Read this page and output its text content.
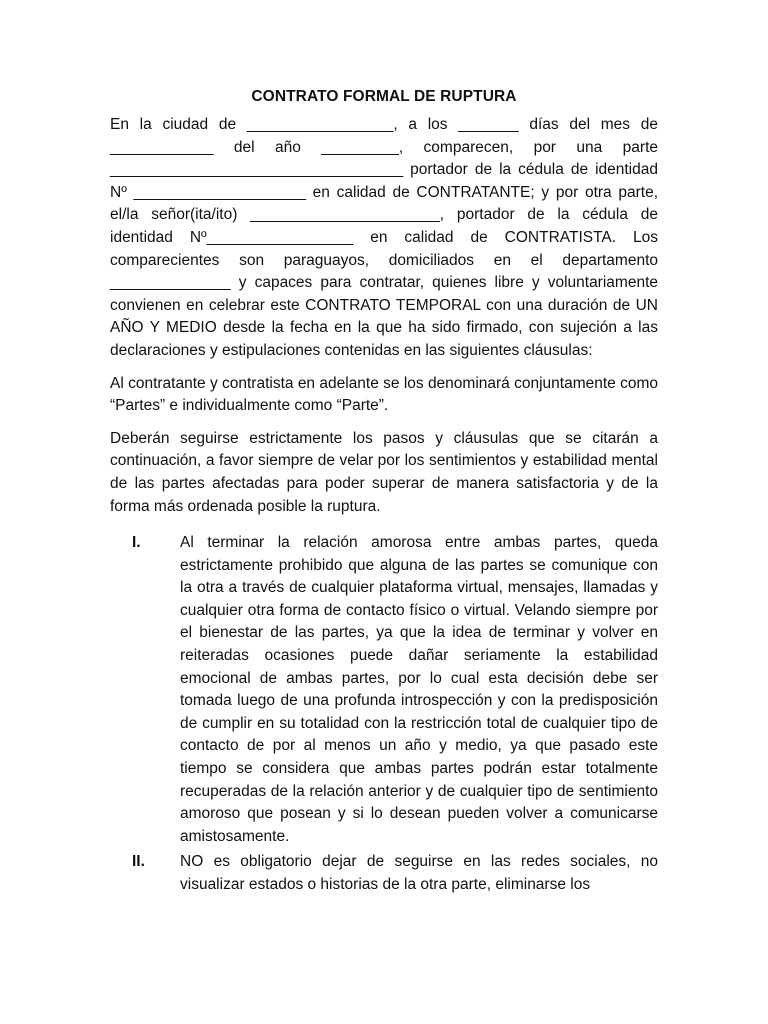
CONTRATO FORMAL DE RUPTURA

En la ciudad de _________________, a los _______ días del mes de ____________ del año _________, comparecen, por una parte __________________________________ portador de la cédula de identidad Nº ____________________ en calidad de CONTRATANTE; y por otra parte, el/la señor(ita/ito) ______________________, portador de la cédula de identidad Nº_________________ en calidad de CONTRATISTA. Los comparecientes son paraguayos, domiciliados en el departamento ______________ y capaces para contratar, quienes libre y voluntariamente convienen en celebrar este CONTRATO TEMPORAL con una duración de UN AÑO Y MEDIO desde la fecha en la que ha sido firmado, con sujeción a las declaraciones y estipulaciones contenidas en las siguientes cláusulas:

Al contratante y contratista en adelante se los denominará conjuntamente como “Partes” e individualmente como “Parte”.

Deberán seguirse estrictamente los pasos y cláusulas que se citarán a continuación, a favor siempre de velar por los sentimientos y estabilidad mental de las partes afectadas para poder superar de manera satisfactoria y de la forma más ordenada posible la ruptura.

I.	Al terminar la relación amorosa entre ambas partes, queda estrictamente prohibido que alguna de las partes se comunique con la otra a través de cualquier plataforma virtual, mensajes, llamadas y cualquier otra forma de contacto físico o virtual. Velando siempre por el bienestar de las partes, ya que la idea de terminar y volver en reiteradas ocasiones puede dañar seriamente la estabilidad emocional de ambas partes, por lo cual esta decisión debe ser tomada luego de una profunda introspección y con la predisposición de cumplir en su totalidad con la restricción total de cualquier tipo de contacto de por al menos un año y medio, ya que pasado este tiempo se considera que ambas partes podrán estar totalmente recuperadas de la relación anterior y de cualquier tipo de sentimiento amoroso que posean y si lo desean pueden volver a comunicarse amistosamente.

II. NO es obligatorio dejar de seguirse en las redes sociales, no visualizar estados o historias de la otra parte, eliminarse los
